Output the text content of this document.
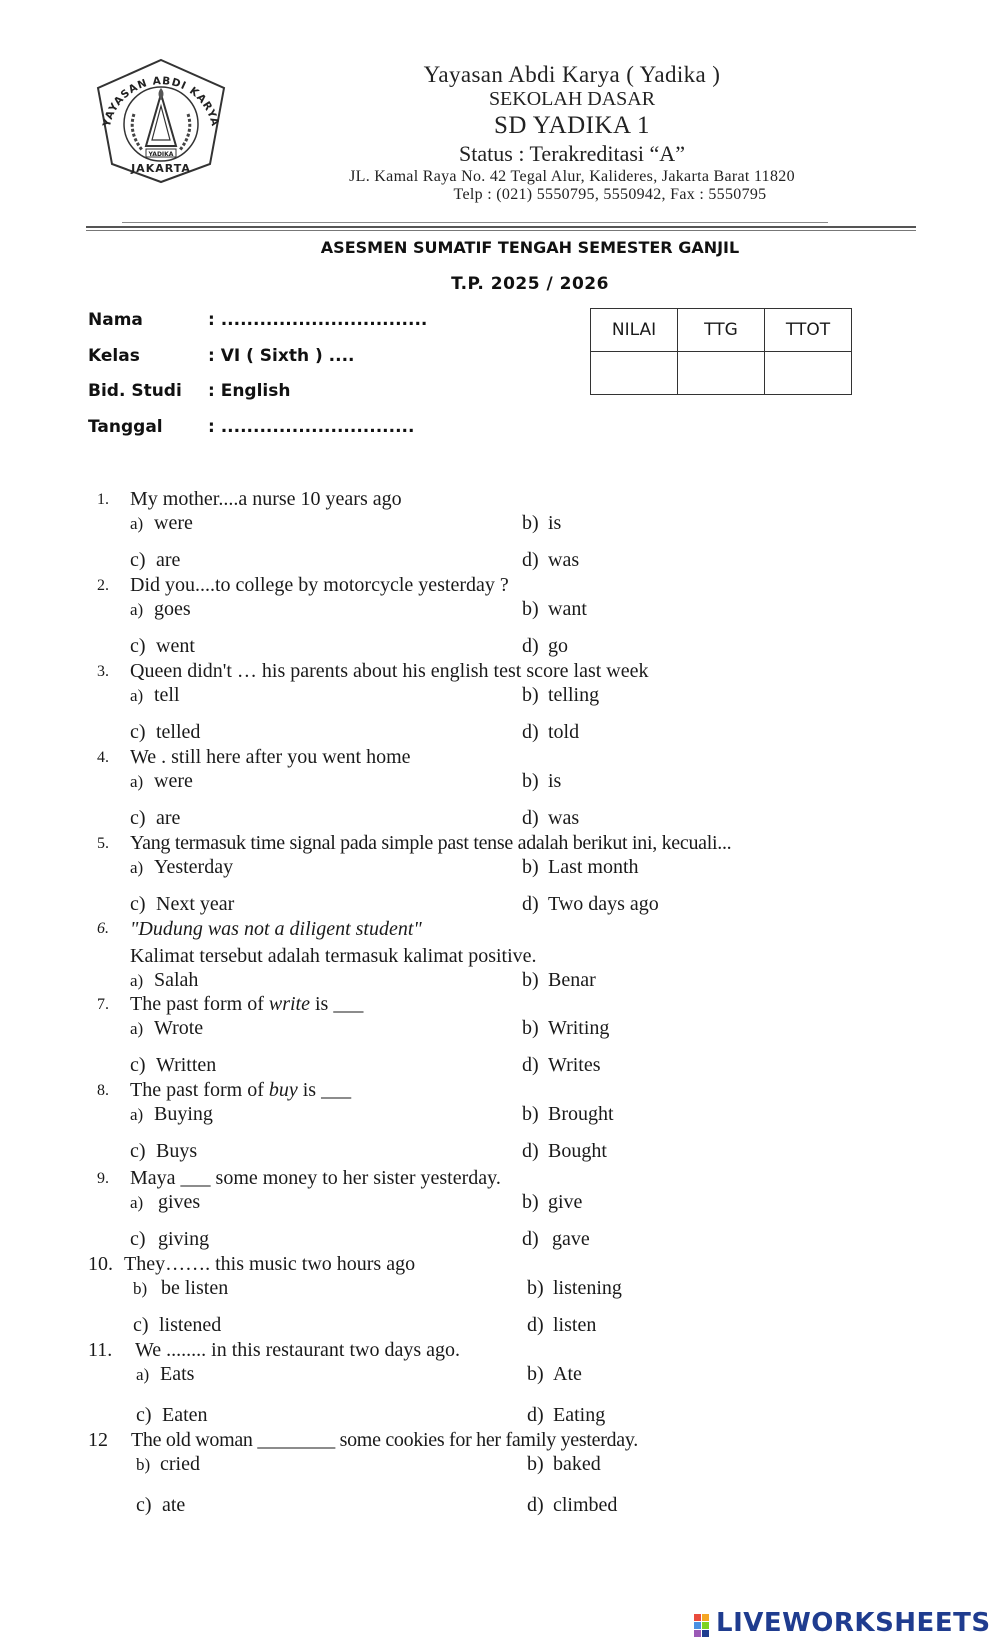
YAYASAN ABDI KARYA
YADIKA
JAKARTA
Yayasan Abdi Karya ( Yadika )
SEKOLAH DASAR
SD YADIKA 1
Status : Terakreditasi “A”
JL. Kamal Raya No. 42 Tegal Alur, Kalideres, Jakarta Barat 11820
Telp : (021) 5550795, 5550942, Fax : 5550795
ASESMEN SUMATIF TENGAH SEMESTER GANJIL
T.P. 2025 / 2026
Nama	: ................................
Kelas	: VI ( Sixth ) ....
Bid. Studi : English
Tanggal	: ..............................
NILAI	TTG	TTOT

1. My mother....a nurse 10 years ago
a) were	b) is
c) are	d) was
2. Did you....to college by motorcycle yesterday ?
a) goes	b) want
c) went	d) go
3. Queen didn't … his parents about his english test score last week
a) tell	b) telling
c) telled	d) told
4. We . still here after you went home
a) were	b) is
c) are	d) was
5. Yang termasuk time signal pada simple past tense adalah berikut ini, kecuali...
a) Yesterday	b) Last month
c) Next year	d) Two days ago
6. "Dudung was not a diligent student"
Kalimat tersebut adalah termasuk kalimat positive.
a) Salah	b) Benar
7. The past form of write is ___
a) Wrote	b) Writing
c) Written	d) Writes
8. The past form of buy is ___
a) Buying	b) Brought
c) Buys	d) Bought
9. Maya ___ some money to her sister yesterday.
a) gives	b) give
c) giving	d) gave
10. They……. this music two hours ago
b) be listen	b) listening
c) listened	d) listen
11. We ........ in this restaurant two days ago.
a) Eats	b) Ate
c) Eaten	d) Eating
12 The old woman ________ some cookies for her family yesterday.
b) cried	b) baked
c) ate	d) climbed
LIVEWORKSHEETS
